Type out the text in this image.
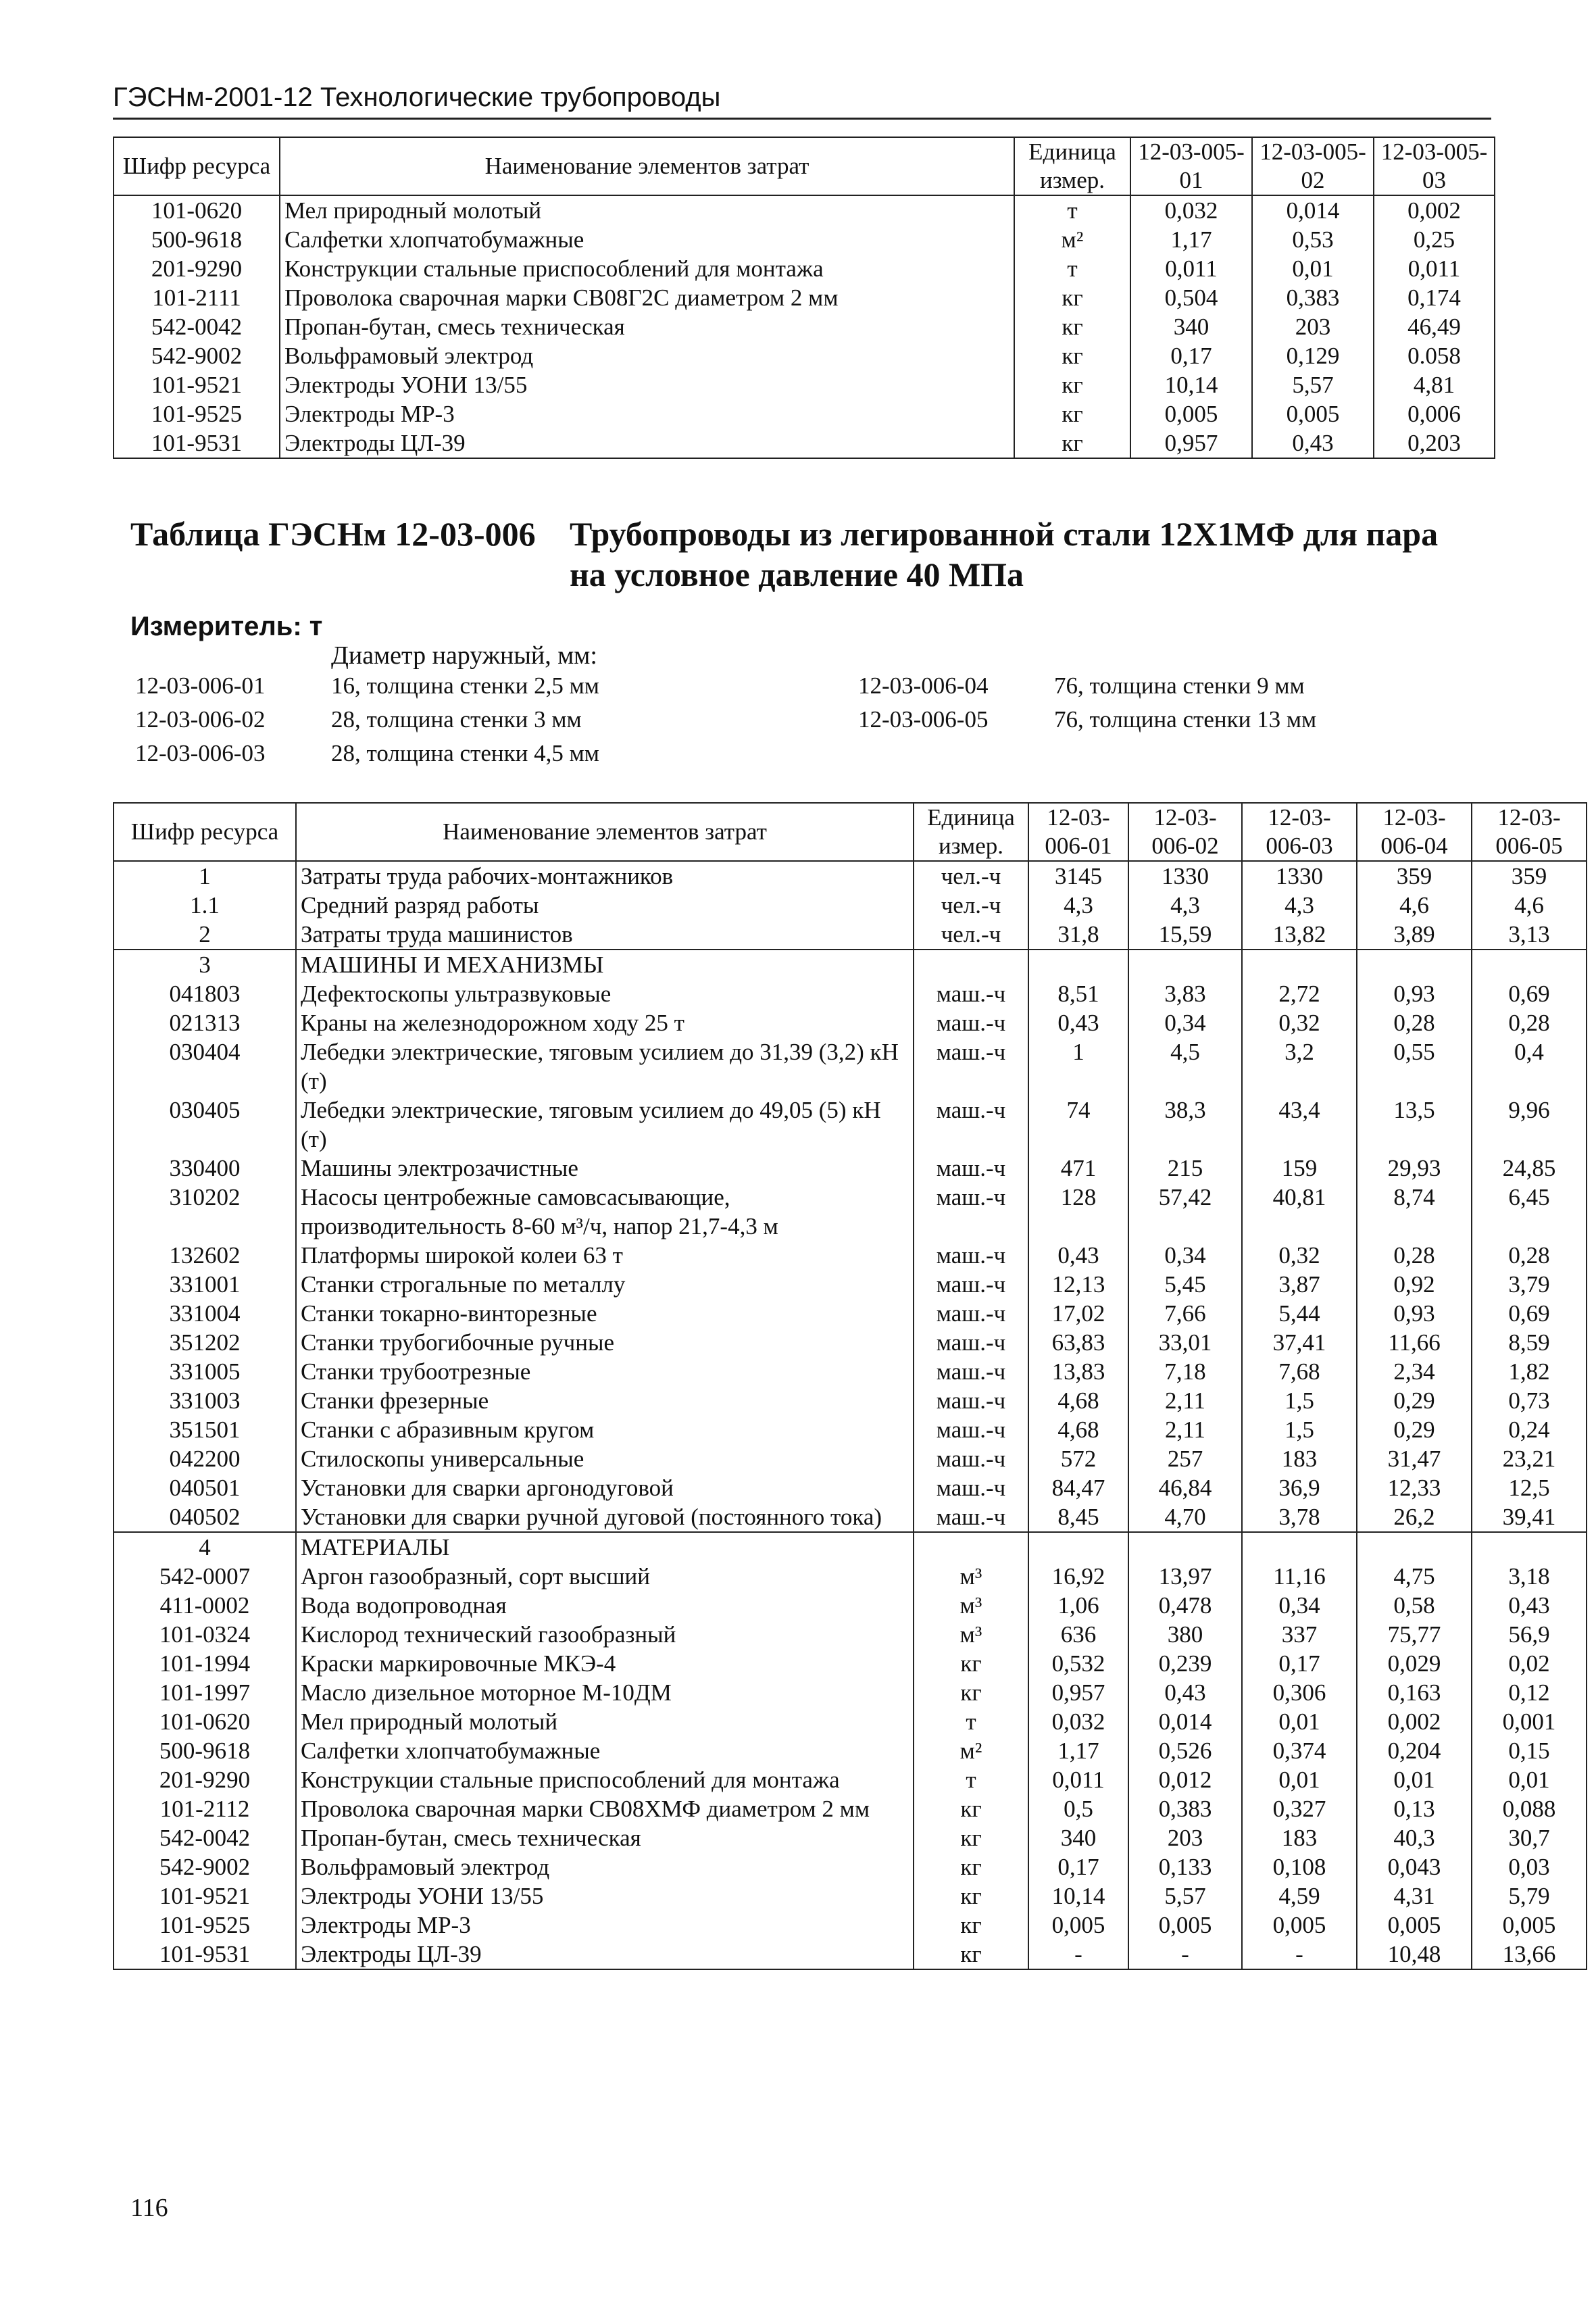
ГЭСНм-2001-12 Технологические трубопроводы
Шифр ресурса	Наименование элементов затрат	Единица измер.	12-03-005-01	12-03-005-02	12-03-005-03
101-0620	Мел природный молотый	т	0,032	0,014	0,002
500-9618	Салфетки хлопчатобумажные	м²	1,17	0,53	0,25
201-9290	Конструкции стальные приспособлений для монтажа	т	0,011	0,01	0,011
101-2111	Проволока сварочная марки СВ08Г2С диаметром 2 мм	кг	0,504	0,383	0,174
542-0042	Пропан-бутан, смесь техническая	кг	340	203	46,49
542-9002	Вольфрамовый электрод	кг	0,17	0,129	0.058
101-9521	Электроды УОНИ 13/55	кг	10,14	5,57	4,81
101-9525	Электроды МР-3	кг	0,005	0,005	0,006
101-9531	Электроды ЦЛ-39	кг	0,957	0,43	0,203
Таблица ГЭСНм 12-03-006 Трубопроводы из легированной стали 12Х1МФ для пара
на условное давление 40 МПа
Измеритель: т
Диаметр наружный, мм:
12-03-006-01	16, толщина стенки 2,5 мм
12-03-006-02	28, толщина стенки 3 мм
12-03-006-03	28, толщина стенки 4,5 мм
12-03-006-04	76, толщина стенки 9 мм
12-03-006-05	76, толщина стенки 13 мм
Шифр ресурса	Наименование элементов затрат	Единица измер.	12-03-006-01	12-03-006-02	12-03-006-03	12-03-006-04	12-03-006-05
1	Затраты труда рабочих-монтажников	чел.-ч	3145	1330	1330	359	359
1.1	Средний разряд работы	чел.-ч	4,3	4,3	4,3	4,6	4,6
2	Затраты труда машинистов	чел.-ч	31,8	15,59	13,82	3,89	3,13
3	МАШИНЫ И МЕХАНИЗМЫ						
041803	Дефектоскопы ультразвуковые	маш.-ч	8,51	3,83	2,72	0,93	0,69
021313	Краны на железнодорожном ходу 25 т	маш.-ч	0,43	0,34	0,32	0,28	0,28
030404	Лебедки электрические, тяговым усилием до 31,39 (3,2) кН (т)	маш.-ч	1	4,5	3,2	0,55	0,4
030405	Лебедки электрические, тяговым усилием до 49,05 (5) кН (т)	маш.-ч	74	38,3	43,4	13,5	9,96
330400	Машины электрозачистные	маш.-ч	471	215	159	29,93	24,85
310202	Насосы центробежные самовсасывающие, производительность 8-60 м³/ч, напор 21,7-4,3 м	маш.-ч	128	57,42	40,81	8,74	6,45
132602	Платформы широкой колеи 63 т	маш.-ч	0,43	0,34	0,32	0,28	0,28
331001	Станки строгальные по металлу	маш.-ч	12,13	5,45	3,87	0,92	3,79
331004	Станки токарно-винторезные	маш.-ч	17,02	7,66	5,44	0,93	0,69
351202	Станки трубогибочные ручные	маш.-ч	63,83	33,01	37,41	11,66	8,59
331005	Станки трубоотрезные	маш.-ч	13,83	7,18	7,68	2,34	1,82
331003	Станки фрезерные	маш.-ч	4,68	2,11	1,5	0,29	0,73
351501	Станки с абразивным кругом	маш.-ч	4,68	2,11	1,5	0,29	0,24
042200	Стилоскопы универсальные	маш.-ч	572	257	183	31,47	23,21
040501	Установки для сварки аргонодуговой	маш.-ч	84,47	46,84	36,9	12,33	12,5
040502	Установки для сварки ручной дуговой (постоянного тока)	маш.-ч	8,45	4,70	3,78	26,2	39,41
4	МАТЕРИАЛЫ						
542-0007	Аргон газообразный, сорт высший	м³	16,92	13,97	11,16	4,75	3,18
411-0002	Вода водопроводная	м³	1,06	0,478	0,34	0,58	0,43
101-0324	Кислород технический газообразный	м³	636	380	337	75,77	56,9
101-1994	Краски маркировочные МКЭ-4	кг	0,532	0,239	0,17	0,029	0,02
101-1997	Масло дизельное моторное М-10ДМ	кг	0,957	0,43	0,306	0,163	0,12
101-0620	Мел природный молотый	т	0,032	0,014	0,01	0,002	0,001
500-9618	Салфетки хлопчатобумажные	м²	1,17	0,526	0,374	0,204	0,15
201-9290	Конструкции стальные приспособлений для монтажа	т	0,011	0,012	0,01	0,01	0,01
101-2112	Проволока сварочная марки СВ08ХМФ диаметром 2 мм	кг	0,5	0,383	0,327	0,13	0,088
542-0042	Пропан-бутан, смесь техническая	кг	340	203	183	40,3	30,7
542-9002	Вольфрамовый электрод	кг	0,17	0,133	0,108	0,043	0,03
101-9521	Электроды УОНИ 13/55	кг	10,14	5,57	4,59	4,31	5,79
101-9525	Электроды МР-3	кг	0,005	0,005	0,005	0,005	0,005
101-9531	Электроды ЦЛ-39	кг	-	-	-	10,48	13,66
116
